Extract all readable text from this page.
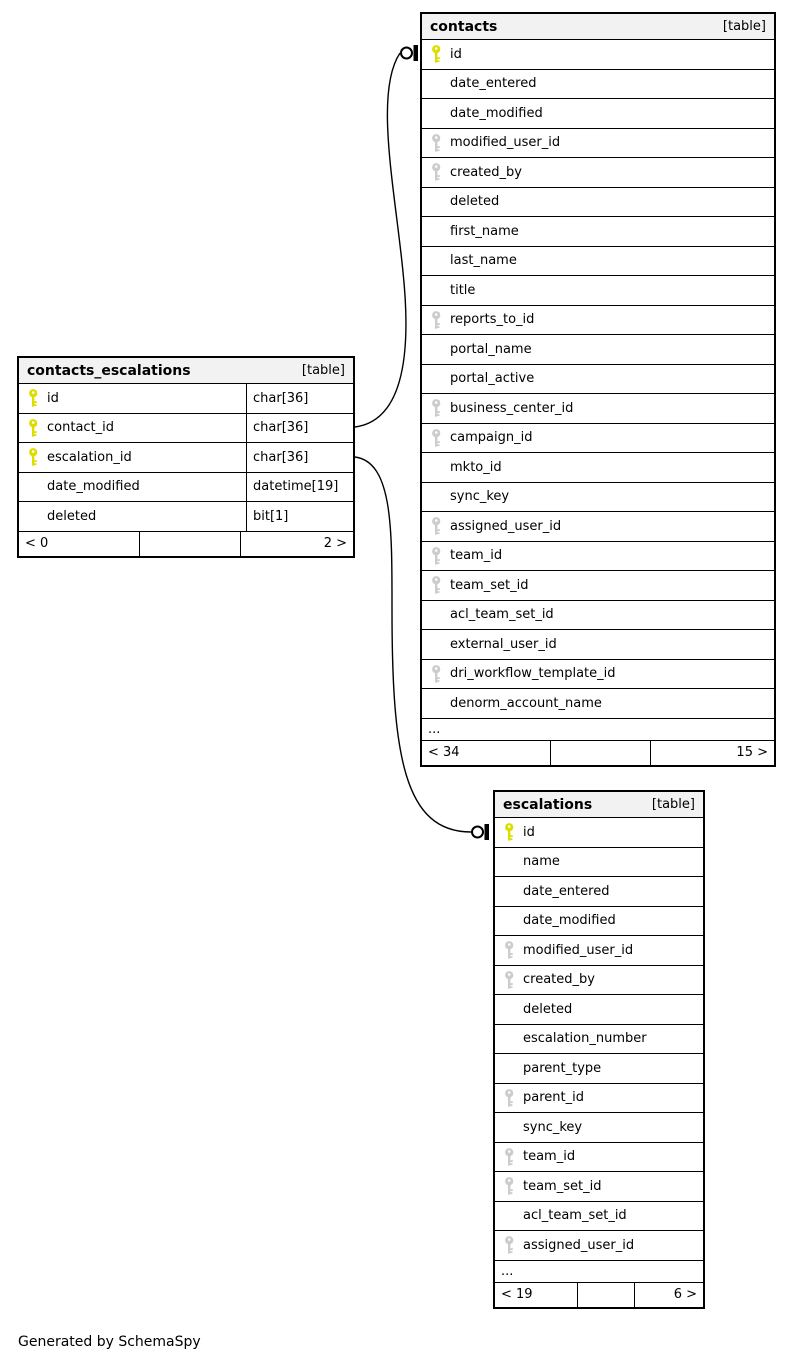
contacts	[table]
id
date_entered
date_modified
modified_user_id
created_by
deleted
first_name
last_name
title
reports_to_id
portal_name
portal_active
business_center_id
campaign_id
mkto_id
sync_key
assigned_user_id
team_id
team_set_id
acl_team_set_id
external_user_id
dri_workflow_template_id
denorm_account_name
...
< 34	15 >
contacts_escalations	[table]
id	char[36]
contact_id	char[36]
escalation_id	char[36]
date_modified	datetime[19]
deleted	bit[1]
< 0	2 >
escalations	[table]
id
name
date_entered
date_modified
modified_user_id
created_by
deleted
escalation_number
parent_type
parent_id
sync_key
team_id
team_set_id
acl_team_set_id
assigned_user_id
...
< 19	6 >
Generated by SchemaSpy
